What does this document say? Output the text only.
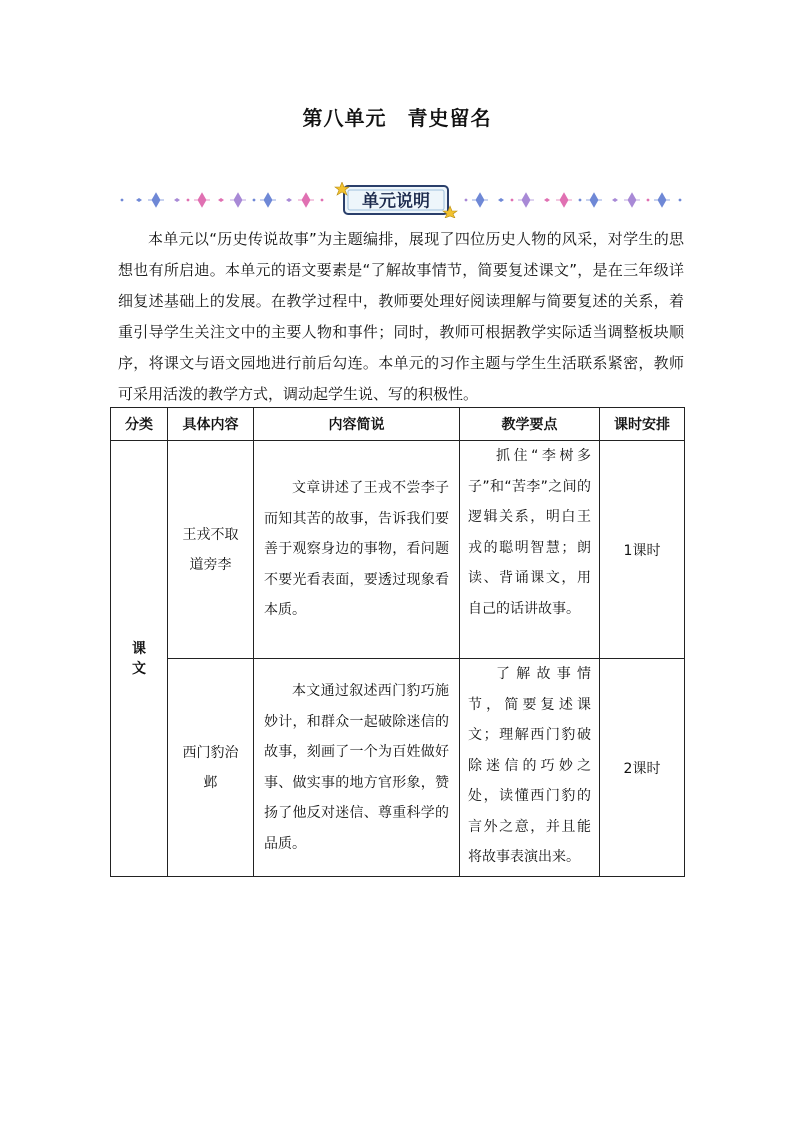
第八单元　青史留名
单元说明

本单元以“历史传说故事”为主题编排，展现了四位历史人物的风采，对学生的思想也有所启迪。本单元的语文要素是“了解故事情节，简要复述课文”，是在三年级详细复述基础上的发展。在教学过程中，教师要处理好阅读理解与简要复述的关系，着重引导学生关注文中的主要人物和事件；同时，教师可根据教学实际适当调整板块顺序，将课文与语文园地进行前后勾连。本单元的习作主题与学生生活联系紧密，教师可采用活泼的教学方式，调动起学生说、写的积极性。

分类	具体内容	内容简说	教学要点	课时安排
课文	王戎不取道旁李	文章讲述了王戎不尝李子而知其苦的故事，告诉我们要善于观察身边的事物，看问题不要光看表面，要透过现象看本质。	抓住“李树多子”和“苦李”之间的逻辑关系，明白王戎的聪明智慧；朗读、背诵课文，用自己的话讲故事。	1课时
	西门豹治邺	本文通过叙述西门豹巧施妙计，和群众一起破除迷信的故事，刻画了一个为百姓做好事、做实事的地方官形象，赞扬了他反对迷信、尊重科学的品质。	了解故事情节，简要复述课文；理解西门豹破除迷信的巧妙之处，读懂西门豹的言外之意，并且能将故事表演出来。	2课时
